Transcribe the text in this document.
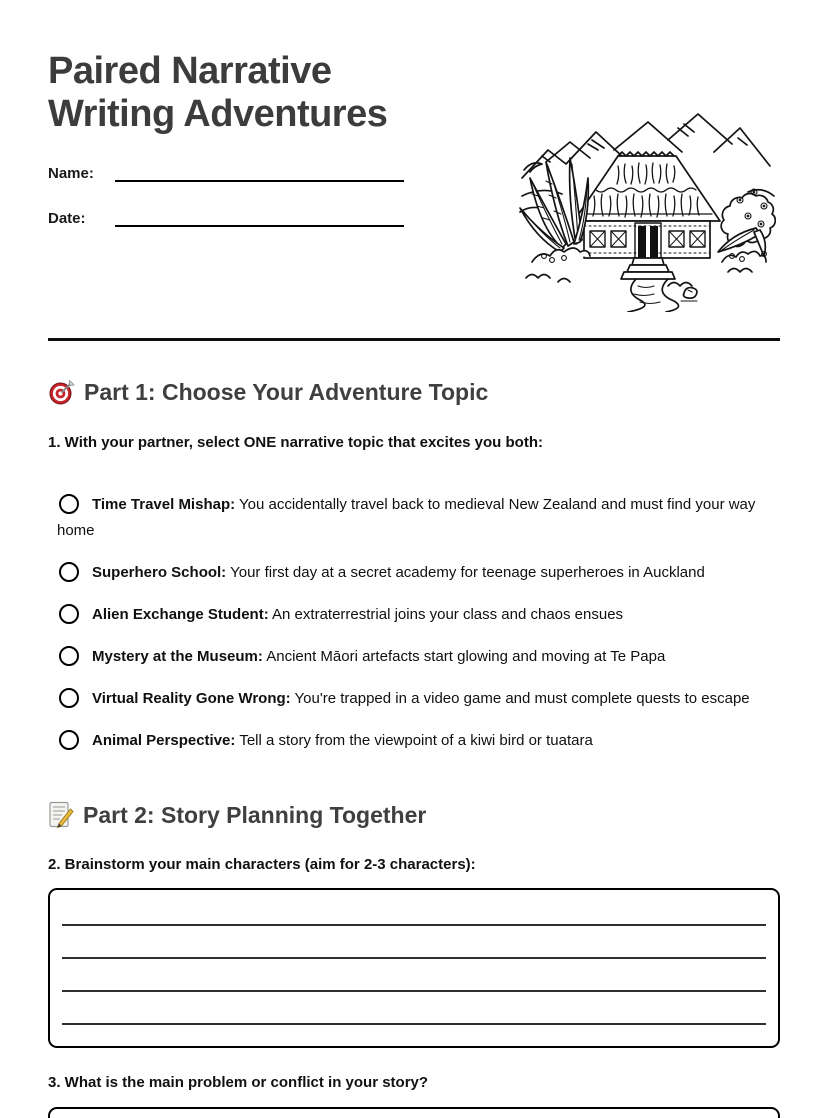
Paired Narrative
Writing Adventures
Name:
Date:
Part 1: Choose Your Adventure Topic
1. With your partner, select ONE narrative topic that excites you both:
Time Travel Mishap: You accidentally travel back to medieval New Zealand and must find your way home
Superhero School: Your first day at a secret academy for teenage superheroes in Auckland
Alien Exchange Student: An extraterrestrial joins your class and chaos ensues
Mystery at the Museum: Ancient Māori artefacts start glowing and moving at Te Papa
Virtual Reality Gone Wrong: You're trapped in a video game and must complete quests to escape
Animal Perspective: Tell a story from the viewpoint of a kiwi bird or tuatara
Part 2: Story Planning Together
2. Brainstorm your main characters (aim for 2-3 characters):
3. What is the main problem or conflict in your story?
